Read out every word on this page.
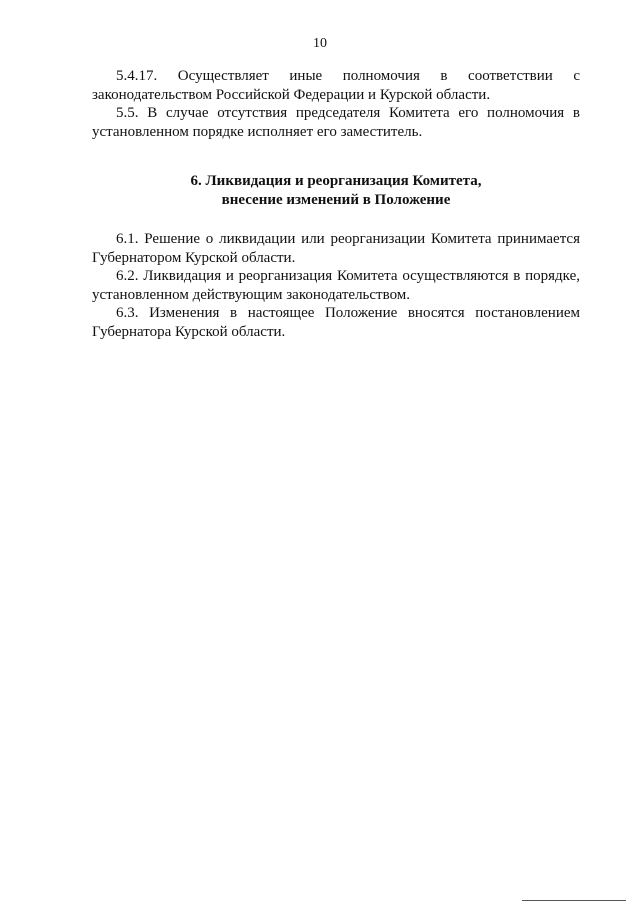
10

5.4.17. Осуществляет иные полномочия в соответствии с законодательством Российской Федерации и Курской области.

5.5. В случае отсутствия председателя Комитета его полномочия в установленном порядке исполняет его заместитель.

6. Ликвидация и реорганизация Комитета,
внесение изменений в Положение

6.1. Решение о ликвидации или реорганизации Комитета принимается Губернатором Курской области.

6.2. Ликвидация и реорганизация Комитета осуществляются в порядке, установленном действующим законодательством.

6.3. Изменения в настоящее Положение вносятся постановлением Губернатора Курской области.
